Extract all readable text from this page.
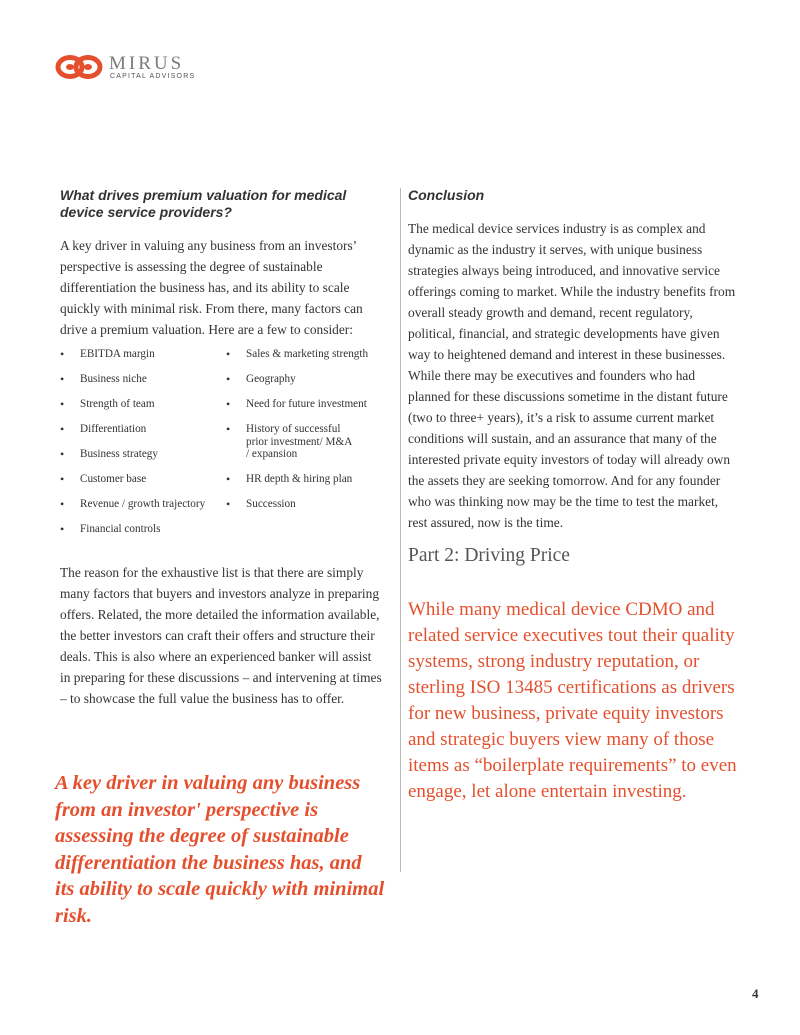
MIRUS
CAPITAL ADVISORS
What drives premium valuation for medical device service providers?

A key driver in valuing any business from an investors’ perspective is assessing the degree of sustainable differentiation the business has, and its ability to scale quickly with minimal risk. From there, many factors can drive a premium valuation. Here are a few to consider:

• EBITDA margin
• Business niche
• Strength of team
• Differentiation
• Business strategy
• Customer base
• Revenue / growth trajectory
• Financial controls
• Sales & marketing strength
• Geography
• Need for future investment
• History of successful prior investment/ M&A / expansion
• HR depth & hiring plan
• Succession

The reason for the exhaustive list is that there are simply many factors that buyers and investors analyze in preparing offers. Related, the more detailed the information available, the better investors can craft their offers and structure their deals. This is also where an experienced banker will assist in preparing for these discussions – and intervening at times – to showcase the full value the business has to offer.

A key driver in valuing any business from an investor' perspective is assessing the degree of sustainable differentiation the business has, and its ability to scale quickly with minimal risk.

Conclusion

The medical device services industry is as complex and dynamic as the industry it serves, with unique business strategies always being introduced, and innovative service offerings coming to market. While the industry benefits from overall steady growth and demand, recent regulatory, political, financial, and strategic developments have given way to heightened demand and interest in these businesses. While there may be executives and founders who had planned for these discussions sometime in the distant future (two to three+ years), it’s a risk to assume current market conditions will sustain, and an assurance that many of the interested private equity investors of today will already own the assets they are seeking tomorrow. And for any founder who was thinking now may be the time to test the market, rest assured, now is the time.

Part 2: Driving Price

While many medical device CDMO and related service executives tout their quality systems, strong industry reputation, or sterling ISO 13485 certifications as drivers for new business, private equity investors and strategic buyers view many of those items as “boilerplate requirements” to even engage, let alone entertain investing.

4
